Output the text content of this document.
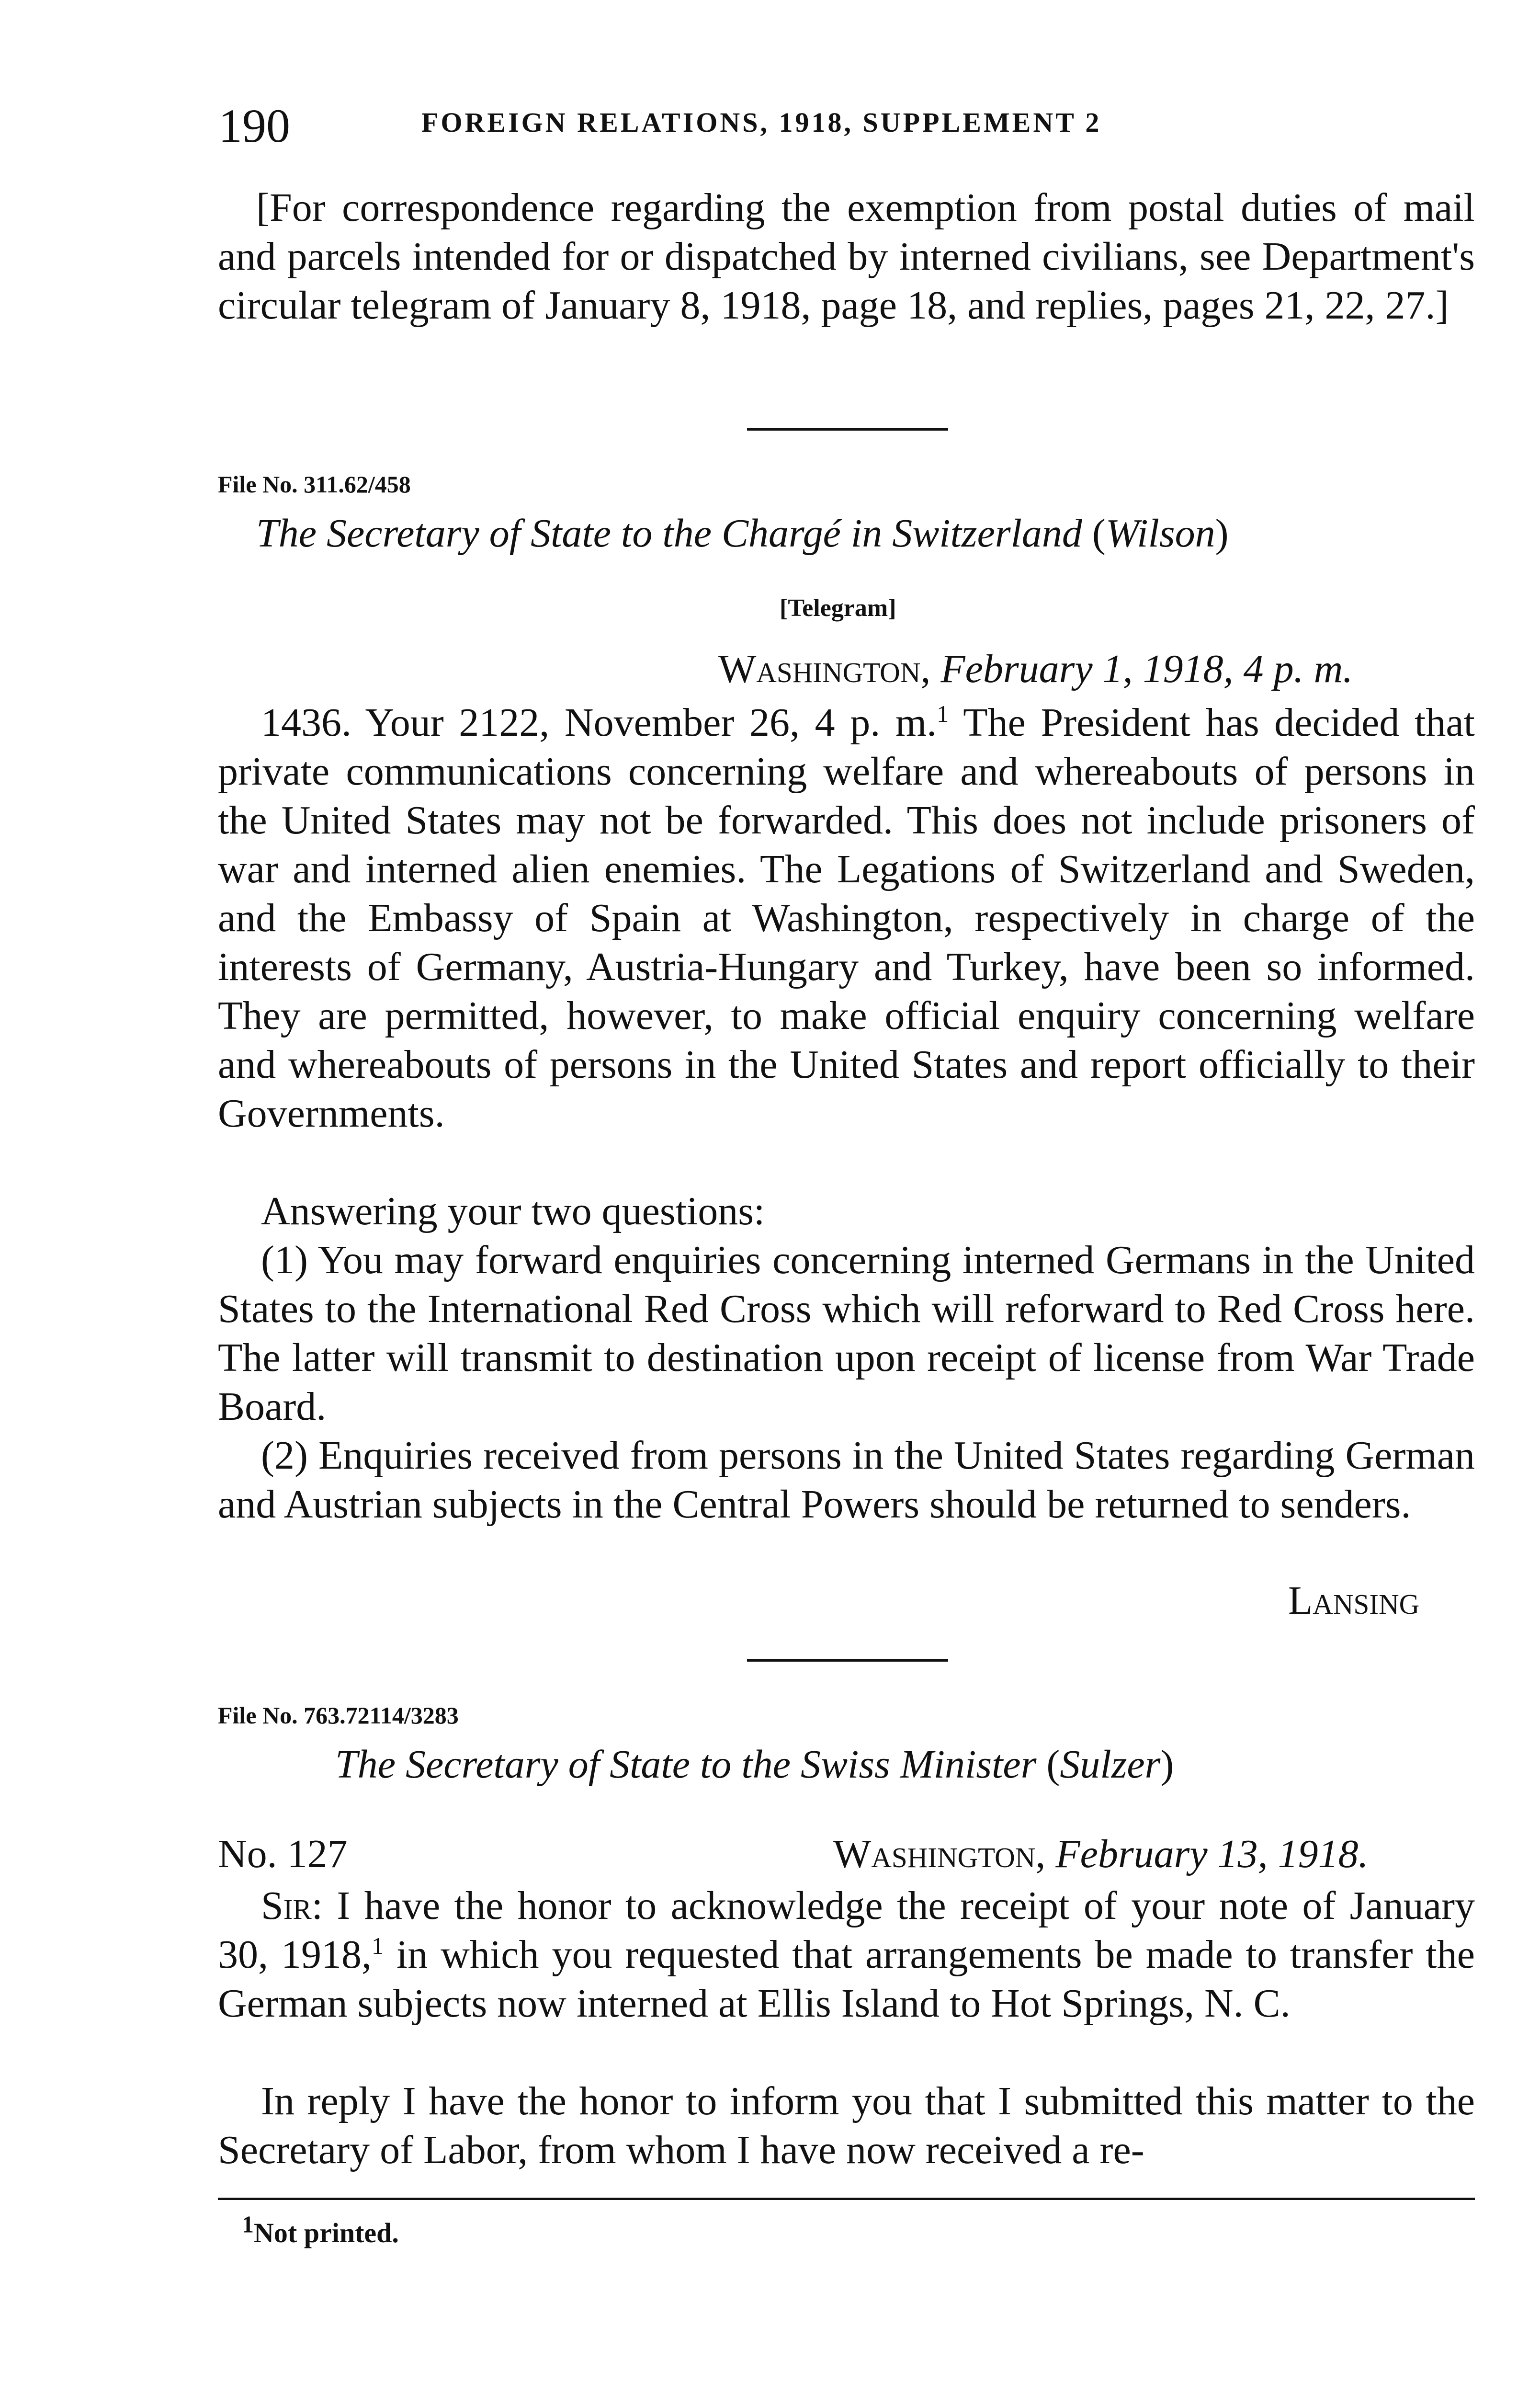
190	FOREIGN RELATIONS, 1918, SUPPLEMENT 2

[For correspondence regarding the exemption from postal duties of mail and parcels intended for or dispatched by interned civilians, see Department's circular telegram of January 8, 1918, page 18, and replies, pages 21, 22, 27.]

File No. 311.62/458
The Secretary of State to the Chargé in Switzerland (Wilson)
[Telegram]
Washington, February 1, 1918, 4 p. m.

1436. Your 2122, November 26, 4 p. m.$^1$ The President has decided that private communications concerning welfare and whereabouts of persons in the United States may not be forwarded. This does not include prisoners of war and interned alien enemies. The Legations of Switzerland and Sweden, and the Embassy of Spain at Washington, respectively in charge of the interests of Germany, Austria-Hungary and Turkey, have been so informed. They are permitted, however, to make official enquiry concerning welfare and whereabouts of persons in the United States and report officially to their Governments.

Answering your two questions:

(1) You may forward enquiries concerning interned Germans in the United States to the International Red Cross which will reforward to Red Cross here. The latter will transmit to destination upon receipt of license from War Trade Board.

(2) Enquiries received from persons in the United States regarding German and Austrian subjects in the Central Powers should be returned to senders.

Lansing
File No. 763.72114/3283
The Secretary of State to the Swiss Minister (Sulzer)
No. 127	Washington, February 13, 1918.

Sir: I have the honor to acknowledge the receipt of your note of January 30, 1918,$^1$ in which you requested that arrangements be made to transfer the German subjects now interned at Ellis Island to Hot Springs, N. C.

In reply I have the honor to inform you that I submitted this matter to the Secretary of Labor, from whom I have now received a re-

$^1$Not printed.
